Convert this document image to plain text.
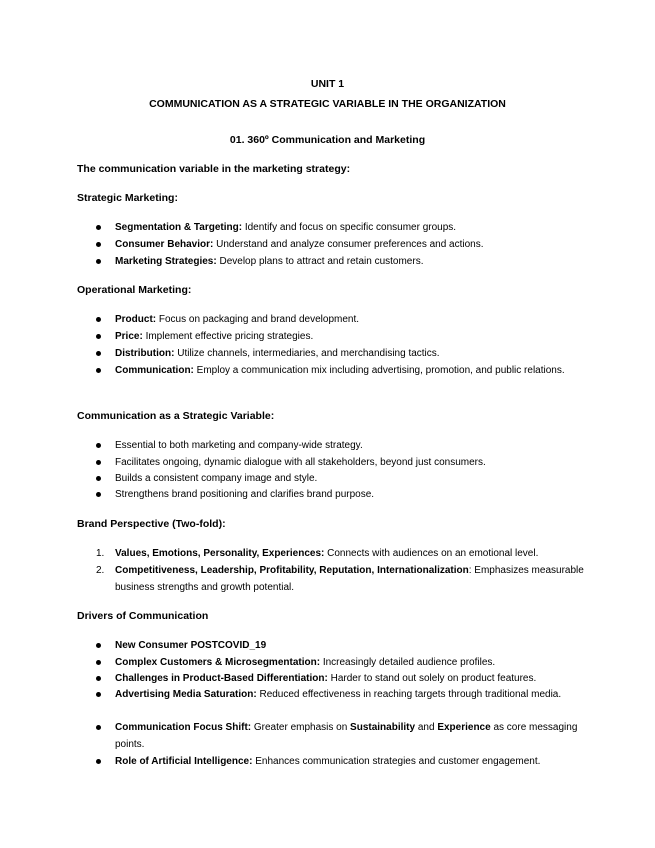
UNIT 1
COMMUNICATION AS A STRATEGIC VARIABLE IN THE ORGANIZATION
01. 360º Communication and Marketing
The communication variable in the marketing strategy:
Strategic Marketing:
Segmentation & Targeting: Identify and focus on specific consumer groups.
Consumer Behavior: Understand and analyze consumer preferences and actions.
Marketing Strategies: Develop plans to attract and retain customers.
Operational Marketing:
Product: Focus on packaging and brand development.
Price: Implement effective pricing strategies.
Distribution: Utilize channels, intermediaries, and merchandising tactics.
Communication: Employ a communication mix including advertising, promotion, and public relations.
Communication as a Strategic Variable:
Essential to both marketing and company-wide strategy.
Facilitates ongoing, dynamic dialogue with all stakeholders, beyond just consumers.
Builds a consistent company image and style.
Strengthens brand positioning and clarifies brand purpose.
Brand Perspective (Two-fold):
1. Values, Emotions, Personality, Experiences: Connects with audiences on an emotional level.
2. Competitiveness, Leadership, Profitability, Reputation, Internationalization: Emphasizes measurable business strengths and growth potential.
Drivers of Communication
New Consumer POSTCOVID_19
Complex Customers & Microsegmentation: Increasingly detailed audience profiles.
Challenges in Product-Based Differentiation: Harder to stand out solely on product features.
Advertising Media Saturation: Reduced effectiveness in reaching targets through traditional media.
Communication Focus Shift: Greater emphasis on Sustainability and Experience as core messaging points.
Role of Artificial Intelligence: Enhances communication strategies and customer engagement.
